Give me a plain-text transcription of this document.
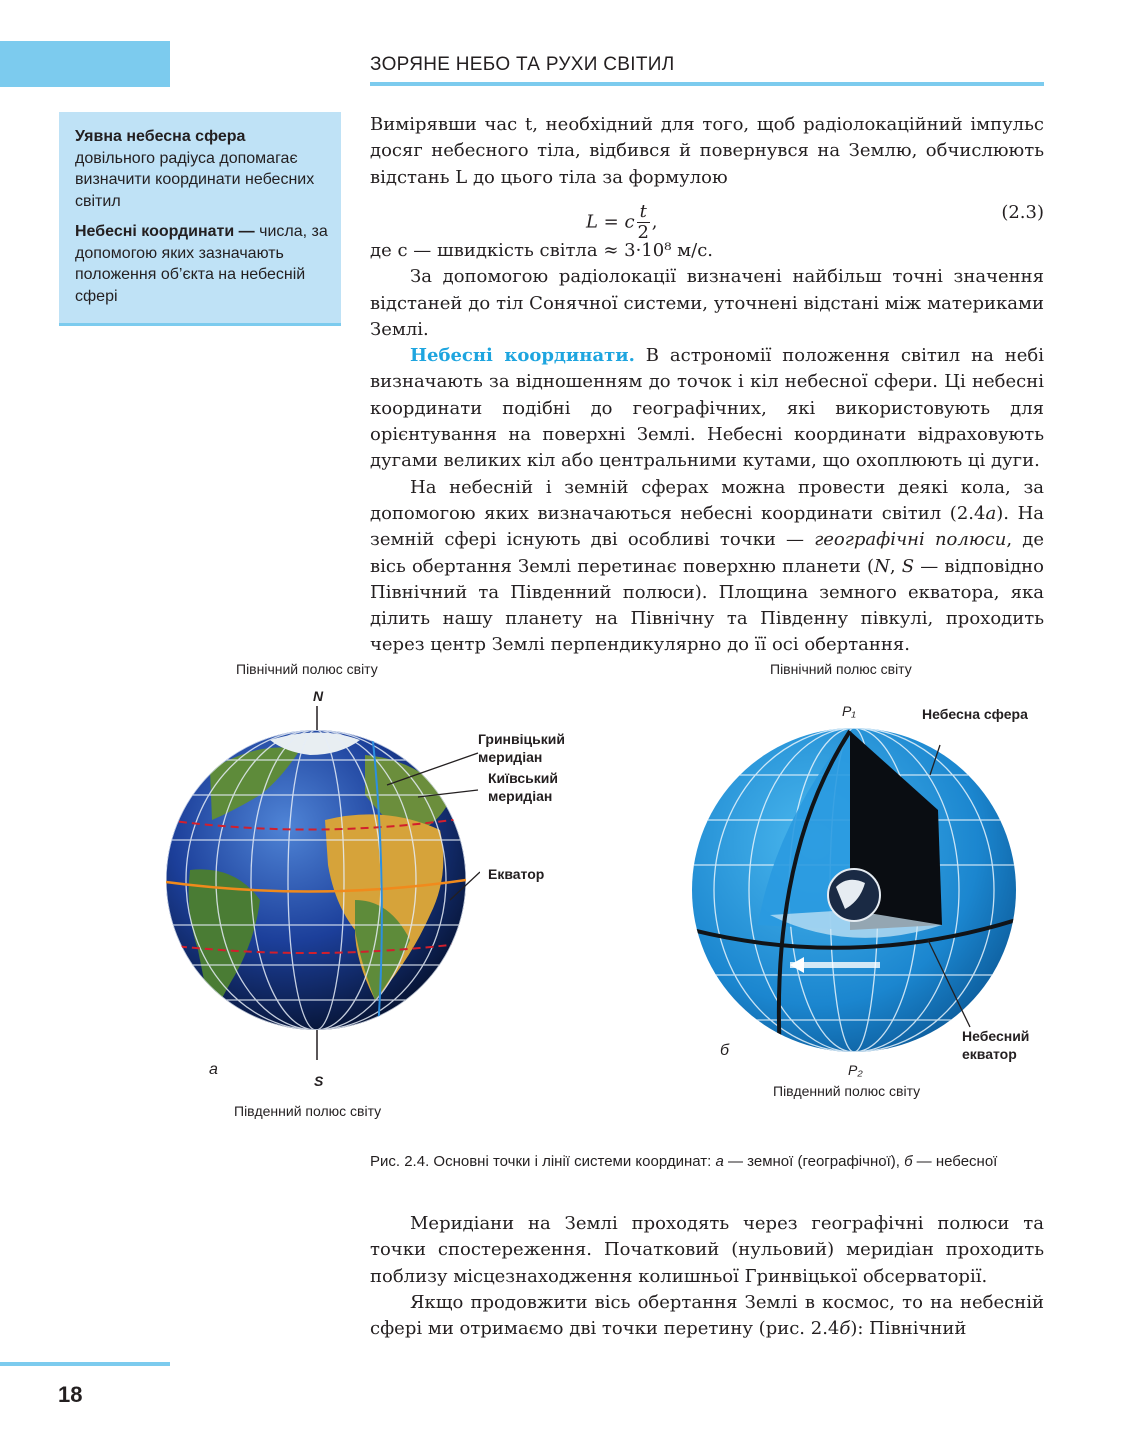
ЗОРЯНЕ НЕБО ТА РУХИ СВІТИЛ

Уявна небесна сфера
довільного радіуса допомагає визначити координати небесних світил

Небесні координати — числа, за допомогою яких зазначають положення об’єкта на небесній сфері

Вимірявши час t, необхідний для того, щоб радіолокаційний імпульс досяг небесного тіла, відбився й повернувся на Землю, обчислюють відстань L до цього тіла за формулою

L = c $\frac{t}{2}$ ,	(2.3)

де c — швидкість світла ≈ 3·10⁸ м/с.

За допомогою радіолокації визначені найбільш точні значення відстаней до тіл Сонячної системи, уточнені відстані між материками Землі.

Небесні координати. В астрономії положення світил на небі визначають за відношенням до точок і кіл небесної сфери. Ці небесні координати подібні до географічних, які використовують для орієнтування на поверхні Землі. Небесні координати відраховують дугами великих кіл або центральними кутами, що охоплюють ці дуги.

На небесній і земній сферах можна провести деякі кола, за допомогою яких визначаються небесні координати світил (2.4а). На земній сфері існують дві особливі точки — географічні полюси, де вісь обертання Землі перетинає поверхню планети (N, S — відповідно Північний та Південний полюси). Площина земного екватора, яка ділить нашу планету на Північну та Південну півкулі, проходить через центр Землі перпендикулярно до її осі обертання.

Північний полюс світу
N
Гринвіцький
меридіан
Київський
меридіан
Екватор
а
S
Південний полюс світу
Північний полюс світу
P₁	Небесна сфера
Небесний
екватор
б
P₂
Південний полюс світу
Рис. 2.4. Основні точки і лінії системи координат: а — земної (географічної), б — небесної

Меридіани на Землі проходять через географічні полюси та точки спостереження. Початковий (нульовий) меридіан проходить поблизу місцезнаходження колишньої Гринвіцької обсерваторії.

Якщо продовжити вісь обертання Землі в космос, то на небесній сфері ми отримаємо дві точки перетину (рис. 2.4б): Північний

18
